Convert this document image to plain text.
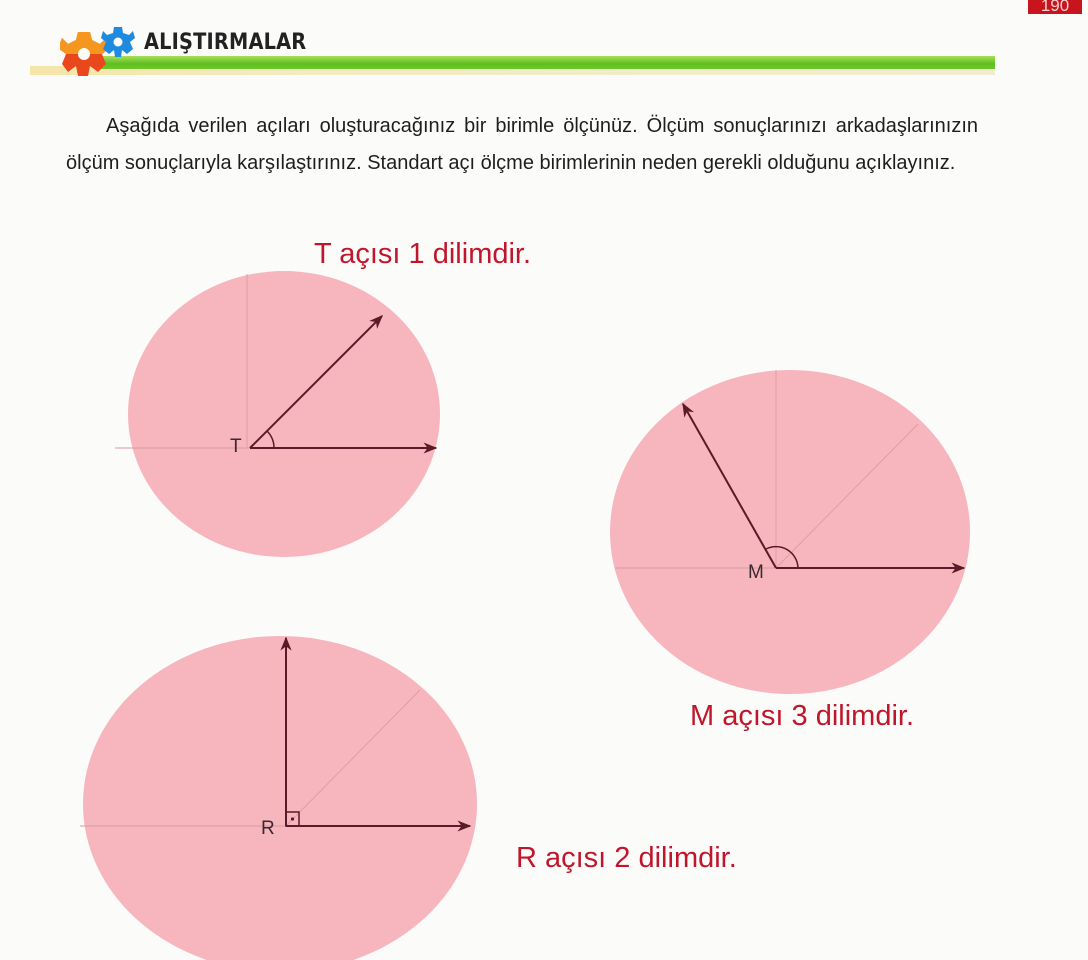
190
ALIŞTIRMALAR

Aşağıda verilen açıları oluşturacağınız bir birimle ölçünüz. Ölçüm sonuçlarınızı arkadaşlarınızın ölçüm sonuçlarıyla karşılaştırınız. Standart açı ölçme birimlerinin neden gerekli olduğunu açıklayınız.

T
M
R
T açısı 1 dilimdir.
M açısı 3 dilimdir.
R açısı 2 dilimdir.
